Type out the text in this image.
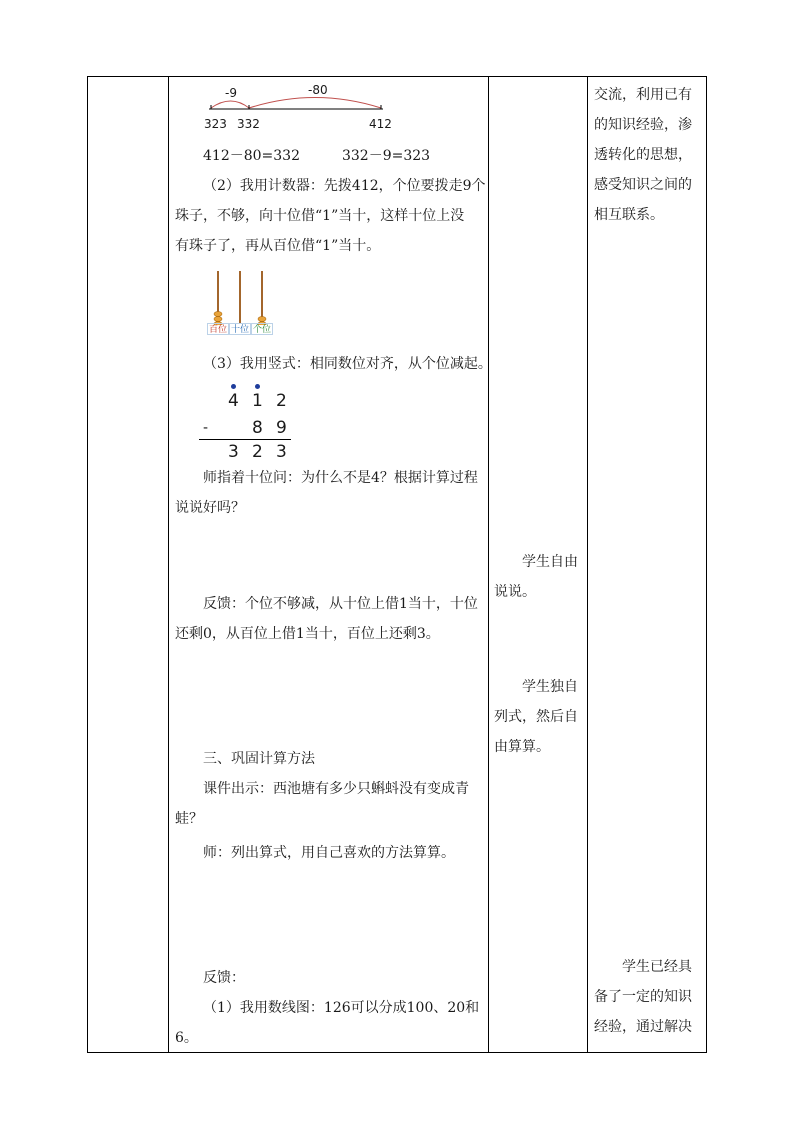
-9	-80
323 332	412
412－80=332　　　332－9=323
（2）我用计数器：先拨412，个位要拨走9个
珠子，不够，向十位借“1”当十，这样十位上没
有珠子了，再从百位借“1”当十。
百位 十位 个位
（3）我用竖式：相同数位对齐，从个位减起。
4 1 2
-	8 9
3 2 3
师指着十位问：为什么不是4？根据计算过程
说说好吗？
反馈：个位不够减，从十位上借1当十，十位
还剩0，从百位上借1当十，百位上还剩3。
三、巩固计算方法
课件出示：西池塘有多少只蝌蚪没有变成青
蛙？
师：列出算式，用自己喜欢的方法算算。
反馈：
（1）我用数线图：126可以分成100、20和
6。
学生自由
说说。
学生独自
列式，然后自
由算算。
交流，利用已有
的知识经验，渗
透转化的思想，
感受知识之间的
相互联系。
学生已经具
备了一定的知识
经验，通过解决
